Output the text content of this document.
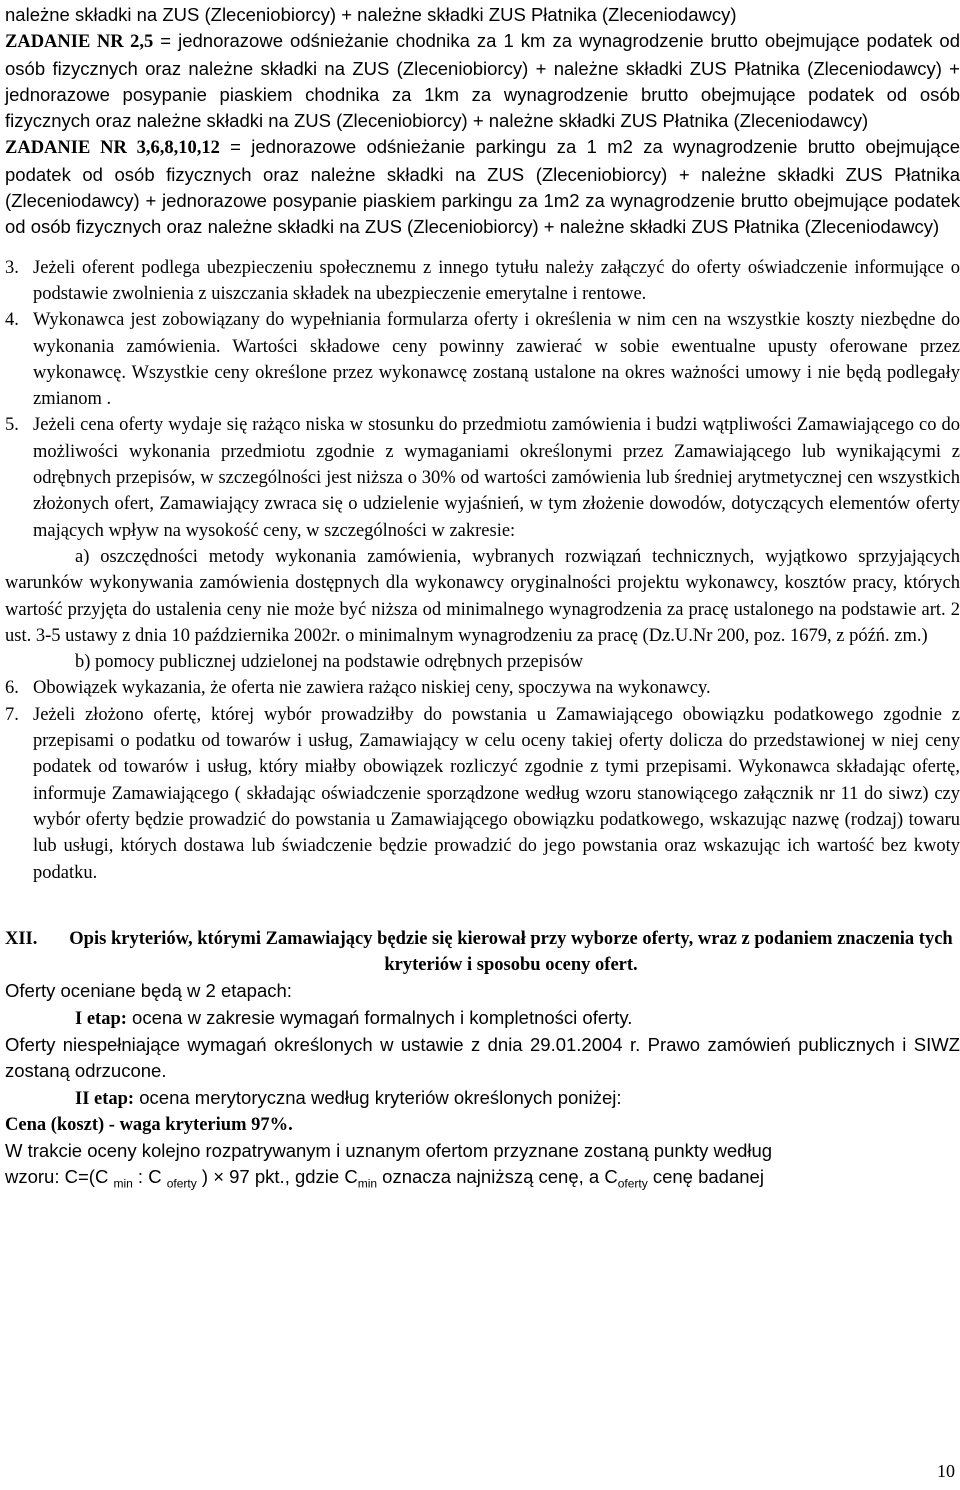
należne składki na ZUS (Zleceniobiorcy) + należne składki ZUS Płatnika (Zleceniodawcy)

ZADANIE NR 2,5 = jednorazowe odśnieżanie chodnika za 1 km za wynagrodzenie brutto obejmujące podatek od osób fizycznych oraz należne składki na ZUS (Zleceniobiorcy) + należne składki ZUS Płatnika (Zleceniodawcy) + jednorazowe posypanie piaskiem chodnika za 1km za wynagrodzenie brutto obejmujące podatek od osób fizycznych oraz należne składki na ZUS (Zleceniobiorcy) + należne składki ZUS Płatnika (Zleceniodawcy)

ZADANIE NR 3,6,8,10,12 = jednorazowe odśnieżanie parkingu za 1 m2 za wynagrodzenie brutto obejmujące podatek od osób fizycznych oraz należne składki na ZUS (Zleceniobiorcy) + należne składki ZUS Płatnika (Zleceniodawcy) + jednorazowe posypanie piaskiem parkingu za 1m2 za wynagrodzenie brutto obejmujące podatek od osób fizycznych oraz należne składki na ZUS (Zleceniobiorcy) + należne składki ZUS Płatnika (Zleceniodawcy)

3. Jeżeli oferent podlega ubezpieczeniu społecznemu z innego tytułu należy załączyć do oferty oświadczenie informujące o podstawie zwolnienia z uiszczania składek na ubezpieczenie emerytalne i rentowe.
4. Wykonawca jest zobowiązany do wypełniania formularza oferty i określenia w nim cen na wszystkie koszty niezbędne do wykonania zamówienia. Wartości składowe ceny powinny zawierać w sobie ewentualne upusty oferowane przez wykonawcę. Wszystkie ceny określone przez wykonawcę zostaną ustalone na okres ważności umowy i nie będą podlegały zmianom .
5. Jeżeli cena oferty wydaje się rażąco niska w stosunku do przedmiotu zamówienia i budzi wątpliwości Zamawiającego co do możliwości wykonania przedmiotu zgodnie z wymaganiami określonymi przez Zamawiającego lub wynikającymi z odrębnych przepisów, w szczególności jest niższa o 30% od wartości zamówienia lub średniej arytmetycznej cen wszystkich złożonych ofert, Zamawiający zwraca się o udzielenie wyjaśnień, w tym złożenie dowodów, dotyczących elementów oferty mających wpływ na wysokość ceny, w szczególności w zakresie:

a) oszczędności metody wykonania zamówienia, wybranych rozwiązań technicznych, wyjątkowo sprzyjających warunków wykonywania zamówienia dostępnych dla wykonawcy oryginalności projektu wykonawcy, kosztów pracy, których wartość przyjęta do ustalenia ceny nie może być niższa od minimalnego wynagrodzenia za pracę ustalonego na podstawie art. 2 ust. 3-5 ustawy z dnia 10 października 2002r. o minimalnym wynagrodzeniu za pracę (Dz.U.Nr 200, poz. 1679, z późń. zm.)

b) pomocy publicznej udzielonej na podstawie odrębnych przepisów

6. Obowiązek wykazania, że oferta nie zawiera rażąco niskiej ceny, spoczywa na wykonawcy.
7. Jeżeli złożono ofertę, której wybór prowadziłby do powstania u Zamawiającego obowiązku podatkowego zgodnie z przepisami o podatku od towarów i usług, Zamawiający w celu oceny takiej oferty dolicza do przedstawionej w niej ceny podatek od towarów i usług, który miałby obowiązek rozliczyć zgodnie z tymi przepisami. Wykonawca składając ofertę, informuje Zamawiającego ( składając oświadczenie sporządzone według wzoru stanowiącego załącznik nr 11 do siwz) czy wybór oferty będzie prowadzić do powstania u Zamawiającego obowiązku podatkowego, wskazując nazwę (rodzaj) towaru lub usługi, których dostawa lub świadczenie będzie prowadzić do jego powstania oraz wskazując ich wartość bez kwoty podatku.
XII.	Opis kryteriów, którymi Zamawiający będzie się kierował przy wyborze oferty, wraz z podaniem znaczenia tych kryteriów i sposobu oceny ofert.

Oferty oceniane będą w 2 etapach:

I etap: ocena w zakresie wymagań formalnych i kompletności oferty.

Oferty niespełniające wymagań określonych w ustawie z dnia 29.01.2004 r. Prawo zamówień publicznych i SIWZ zostaną odrzucone.

II etap: ocena merytoryczna według kryteriów określonych poniżej:

Cena (koszt) - waga kryterium 97%.

W trakcie oceny kolejno rozpatrywanym i uznanym ofertom przyznane zostaną punkty według

wzoru: C=(C $_{min}$ : C $_{oferty}$ ) × 97 pkt., gdzie $C_{min}$ oznacza najniższą cenę, a $C_{oferty}$ cenę badanej

10
